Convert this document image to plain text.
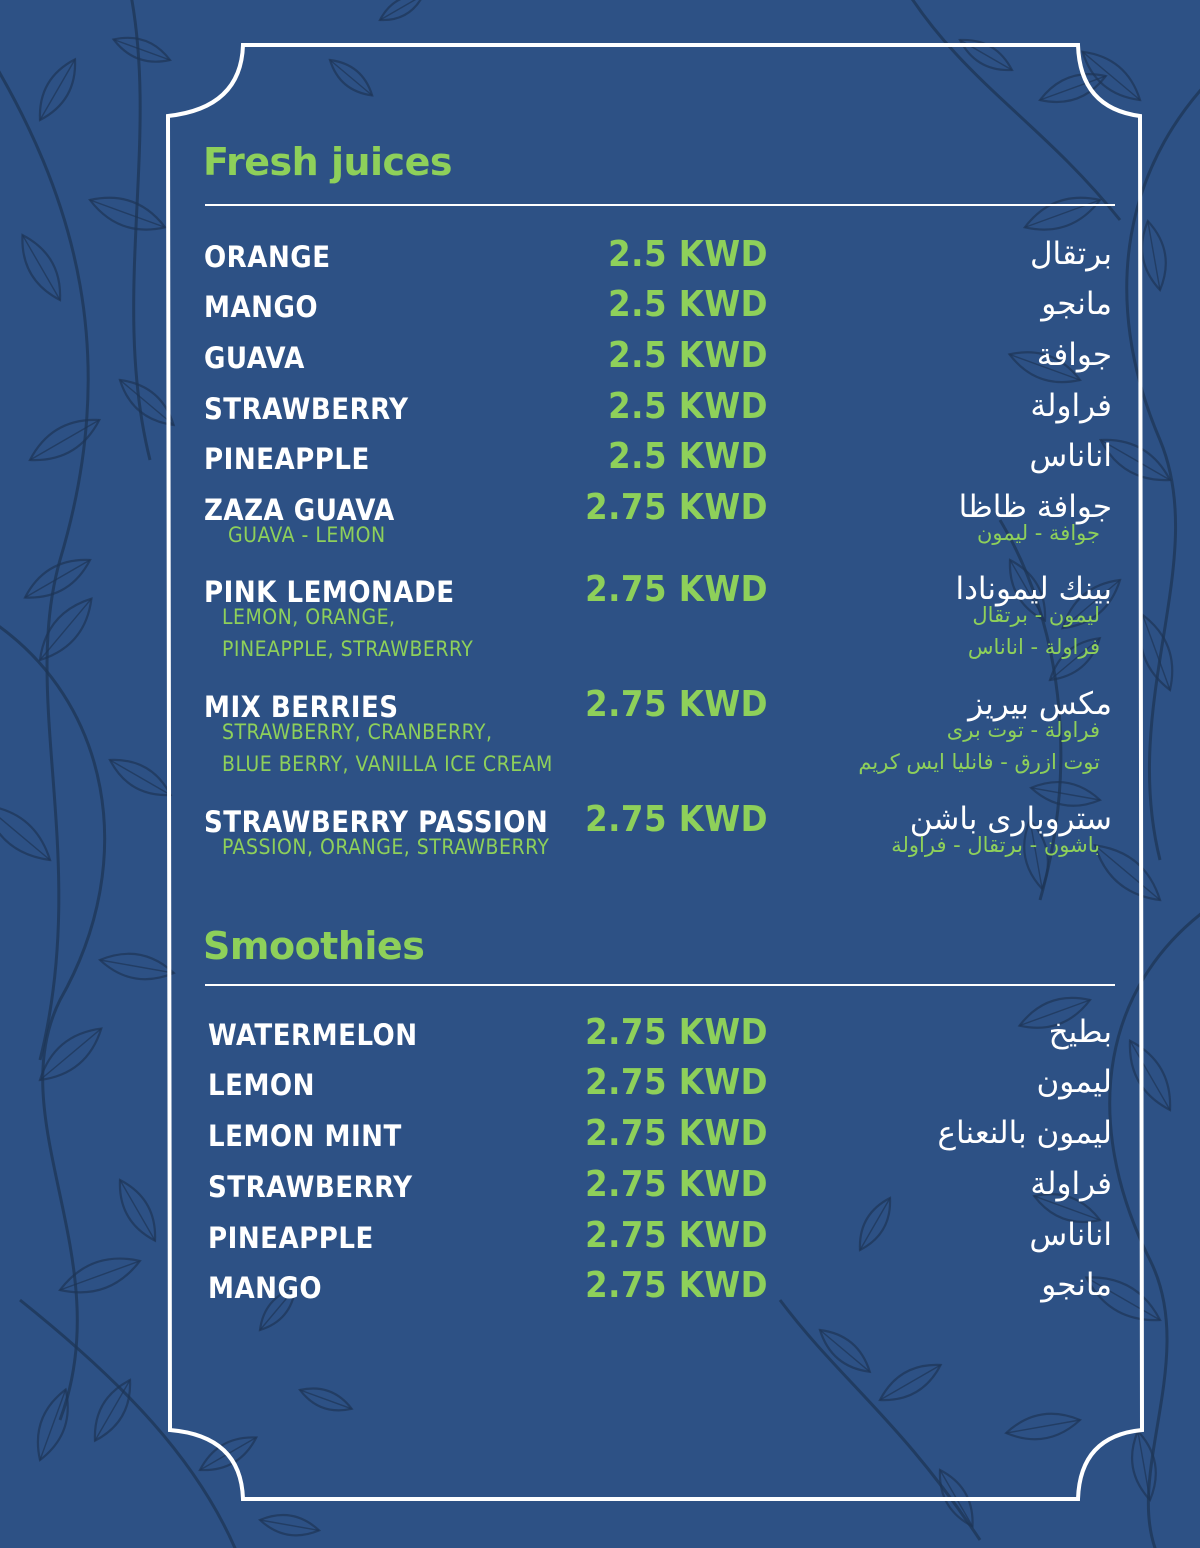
Fresh juices
ORANGE	2.5 KWD	برتقال
MANGO	2.5 KWD	مانجو
GUAVA	2.5 KWD	جوافة
STRAWBERRY	2.5 KWD	فراولة
PINEAPPLE	2.5 KWD	اناناس
ZAZA GUAVA	2.75 KWD	جوافة ظاظا
GUAVA - LEMON	جوافة - ليمون
PINK LEMONADE	2.75 KWD	بينك ليمونادا
LEMON, ORANGE,
PINEAPPLE, STRAWBERRY
ليمون - برتقال
فراولة - اناناس
MIX BERRIES	2.75 KWD	مكس بيريز
STRAWBERRY, CRANBERRY,
BLUE BERRY, VANILLA ICE CREAM
فراولة - توت برى
توت ازرق - فانليا ايس كريم
STRAWBERRY PASSION 2.75 KWD	ستروبارى باشن
PASSION, ORANGE, STRAWBERRY	باشون - برتقال - فراولة
Smoothies
WATERMELON	2.75 KWD	بطيخ
LEMON	2.75 KWD	ليمون
LEMON MINT	2.75 KWD	ليمون بالنعناع
STRAWBERRY	2.75 KWD	فراولة
PINEAPPLE	2.75 KWD	اناناس
MANGO	2.75 KWD	مانجو
